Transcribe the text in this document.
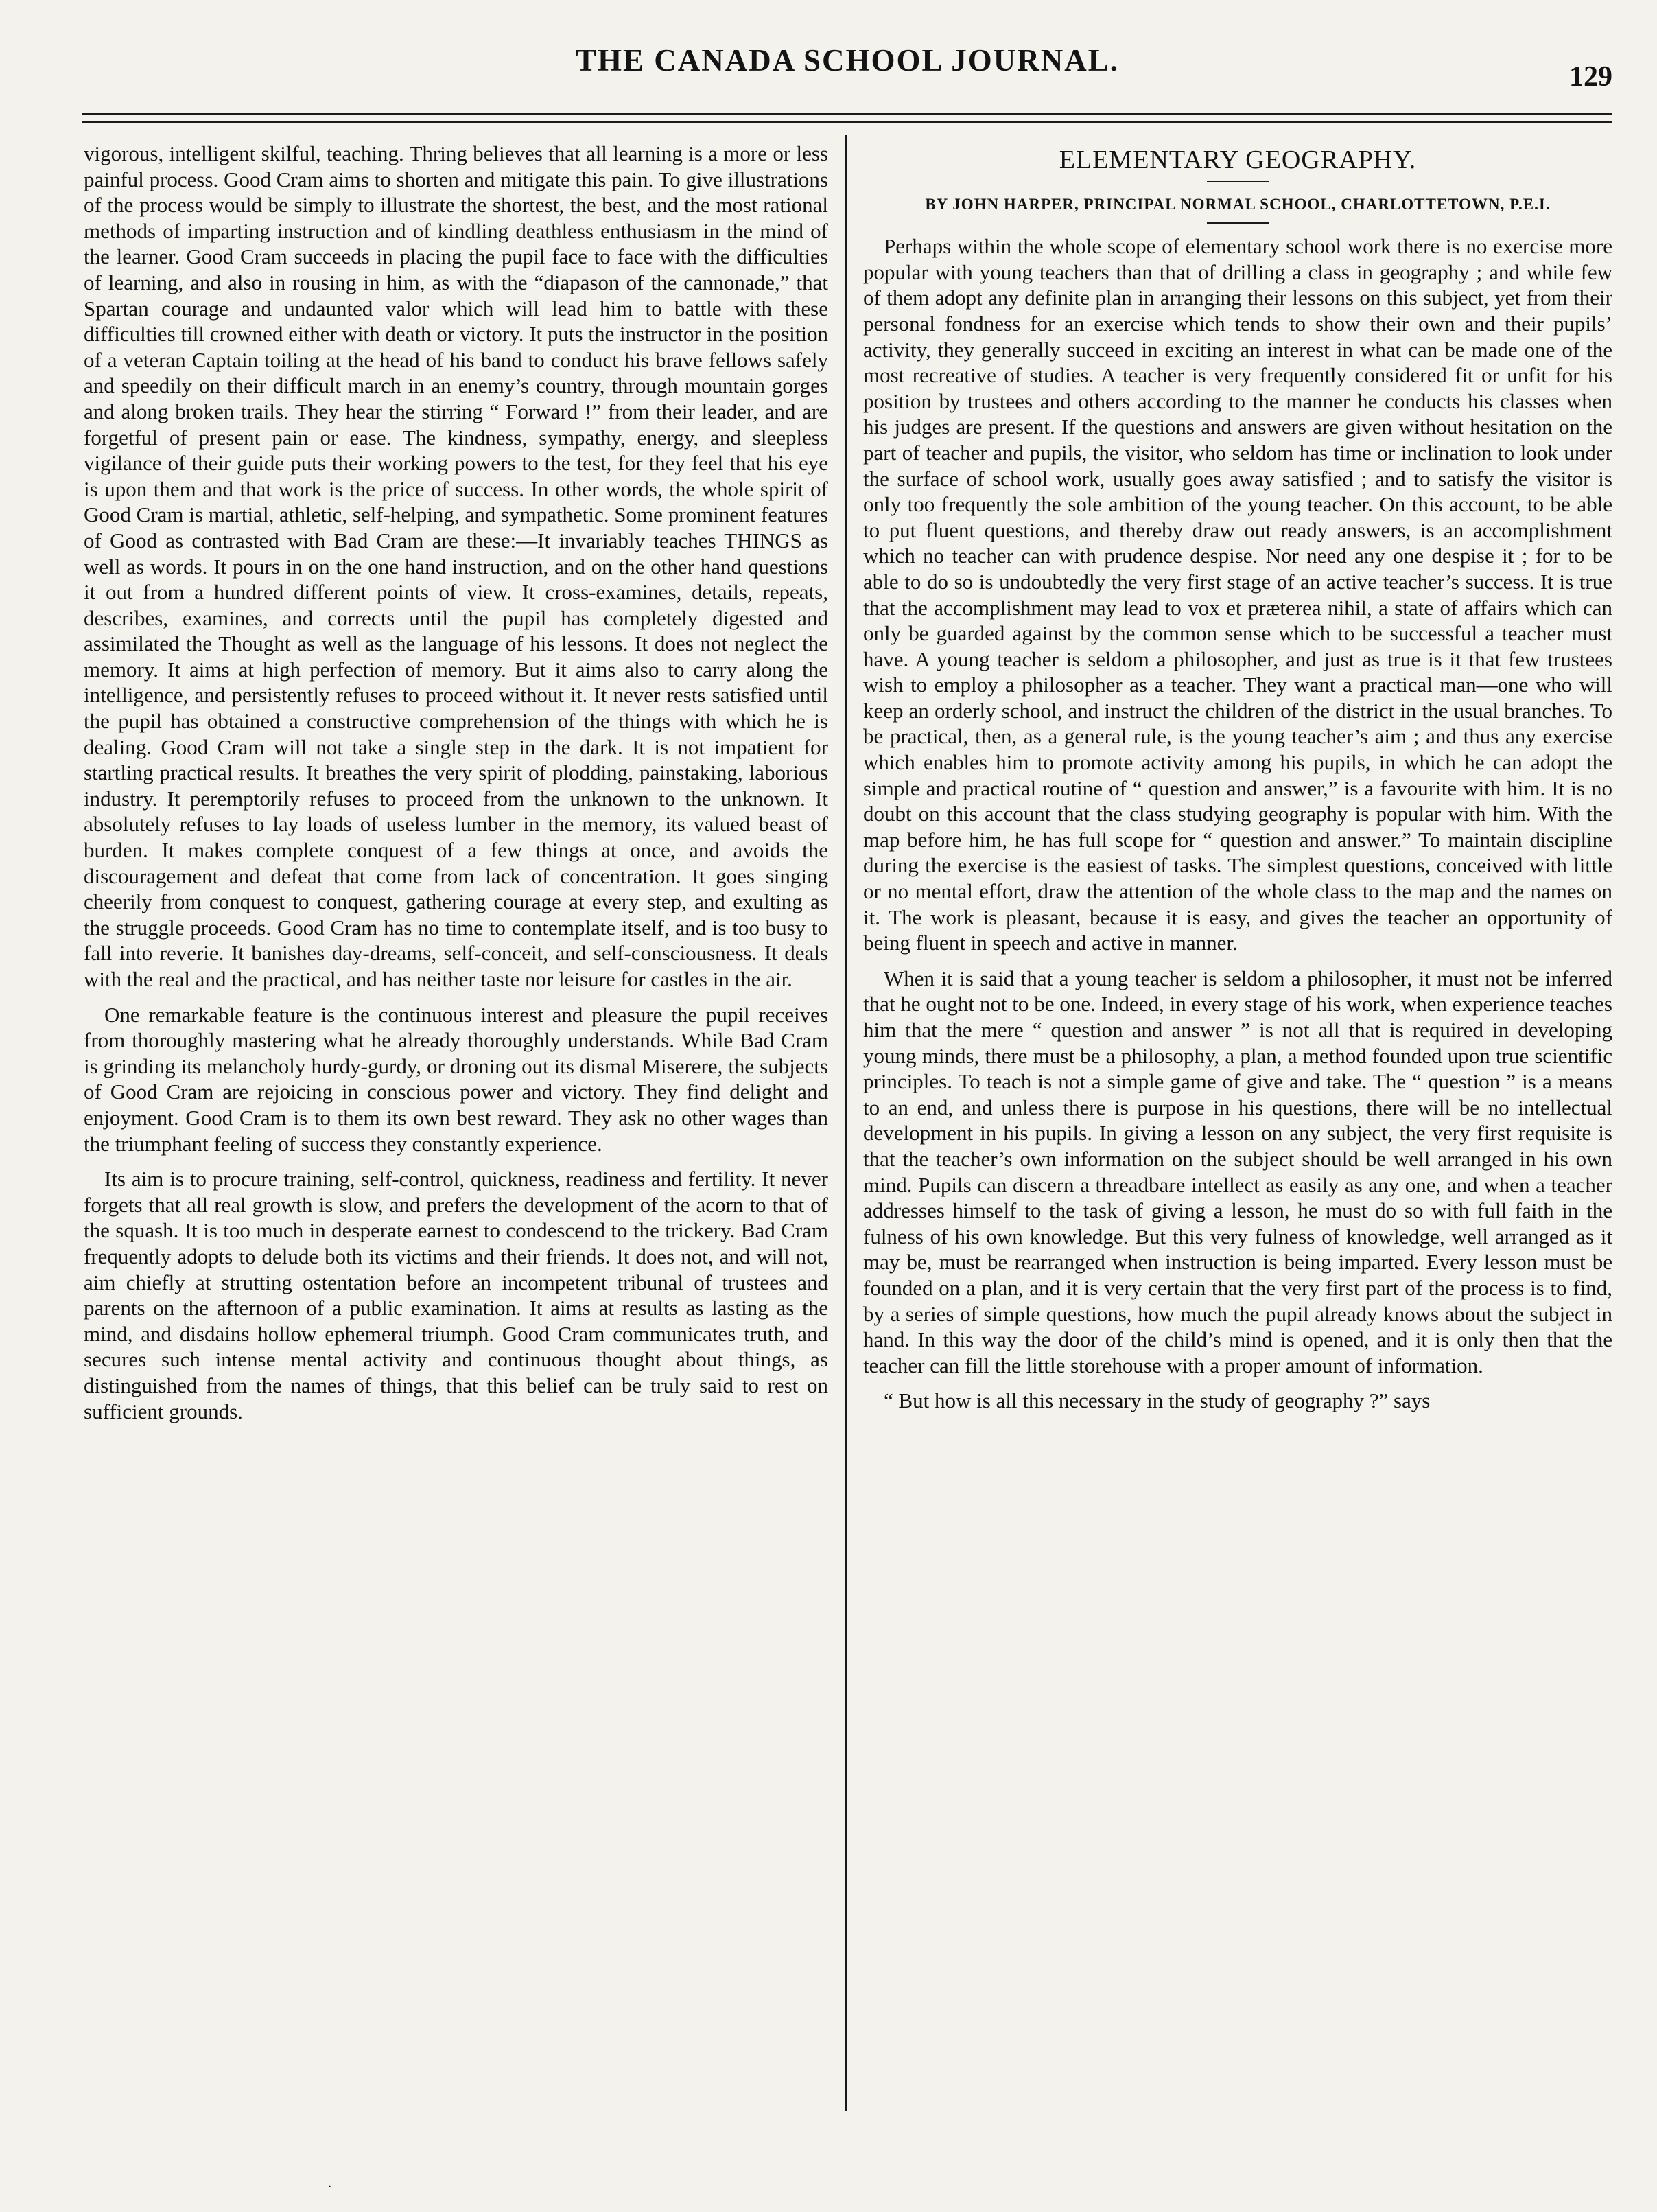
THE CANADA SCHOOL JOURNAL.	129

vigorous, intelligent skilful, teaching. Thring believes that all learning is a more or less painful process. Good Cram aims to shorten and mitigate this pain. To give illustrations of the process would be simply to illustrate the shortest, the best, and the most rational methods of imparting instruction and of kindling deathless enthusiasm in the mind of the learner. Good Cram succeeds in placing the pupil face to face with the difficulties of learning, and also in rousing in him, as with the “diapason of the cannonade,” that Spartan courage and undaunted valor which will lead him to battle with these difficulties till crowned either with death or victory. It puts the instructor in the position of a veteran Captain toiling at the head of his band to conduct his brave fellows safely and speedily on their difficult march in an enemy’s country, through mountain gorges and along broken trails. They hear the stirring “ Forward !” from their leader, and are forgetful of present pain or ease. The kindness, sympathy, energy, and sleepless vigilance of their guide puts their working powers to the test, for they feel that his eye is upon them and that work is the price of success. In other words, the whole spirit of Good Cram is martial, athletic, self-helping, and sympathetic. Some prominent features of Good as contrasted with Bad Cram are these:—It invariably teaches THINGS as well as words. It pours in on the one hand instruction, and on the other hand questions it out from a hundred different points of view. It cross-examines, details, repeats, describes, examines, and corrects until the pupil has completely digested and assimilated the Thought as well as the language of his lessons. It does not neglect the memory. It aims at high perfection of memory. But it aims also to carry along the intelligence, and persistently refuses to proceed without it. It never rests satisfied until the pupil has obtained a constructive comprehension of the things with which he is dealing. Good Cram will not take a single step in the dark. It is not impatient for startling practical results. It breathes the very spirit of plodding, painstaking, laborious industry. It peremptorily refuses to proceed from the unknown to the unknown. It absolutely refuses to lay loads of useless lumber in the memory, its valued beast of burden. It makes complete conquest of a few things at once, and avoids the discouragement and defeat that come from lack of concentration. It goes singing cheerily from conquest to conquest, gathering courage at every step, and exulting as the struggle proceeds. Good Cram has no time to contemplate itself, and is too busy to fall into reverie. It banishes day-dreams, self-conceit, and self-consciousness. It deals with the real and the practical, and has neither taste nor leisure for castles in the air.

One remarkable feature is the continuous interest and pleasure the pupil receives from thoroughly mastering what he already thoroughly understands. While Bad Cram is grinding its melancholy hurdy-gurdy, or droning out its dismal Miserere, the subjects of Good Cram are rejoicing in conscious power and victory. They find delight and enjoyment. Good Cram is to them its own best reward. They ask no other wages than the triumphant feeling of success they constantly experience.

Its aim is to procure training, self-control, quickness, readiness and fertility. It never forgets that all real growth is slow, and prefers the development of the acorn to that of the squash. It is too much in desperate earnest to condescend to the trickery. Bad Cram frequently adopts to delude both its victims and their friends. It does not, and will not, aim chiefly at strutting ostentation before an incompetent tribunal of trustees and parents on the afternoon of a public examination. It aims at results as lasting as the mind, and disdains hollow ephemeral triumph. Good Cram communicates truth, and secures such intense mental activity and continuous thought about things, as distinguished from the names of things, that this belief can be truly said to rest on sufficient grounds.

ELEMENTARY GEOGRAPHY.

BY JOHN HARPER, PRINCIPAL NORMAL SCHOOL, CHARLOTTETOWN, P.E.I.

Perhaps within the whole scope of elementary school work there is no exercise more popular with young teachers than that of drilling a class in geography ; and while few of them adopt any definite plan in arranging their lessons on this subject, yet from their personal fondness for an exercise which tends to show their own and their pupils’ activity, they generally succeed in exciting an interest in what can be made one of the most recreative of studies. A teacher is very frequently considered fit or unfit for his position by trustees and others according to the manner he conducts his classes when his judges are present. If the questions and answers are given without hesitation on the part of teacher and pupils, the visitor, who seldom has time or inclination to look under the surface of school work, usually goes away satisfied ; and to satisfy the visitor is only too frequently the sole ambition of the young teacher. On this account, to be able to put fluent questions, and thereby draw out ready answers, is an accomplishment which no teacher can with prudence despise. Nor need any one despise it ; for to be able to do so is undoubtedly the very first stage of an active teacher’s success. It is true that the accomplishment may lead to vox et præterea nihil, a state of affairs which can only be guarded against by the common sense which to be successful a teacher must have. A young teacher is seldom a philosopher, and just as true is it that few trustees wish to employ a philosopher as a teacher. They want a practical man—one who will keep an orderly school, and instruct the children of the district in the usual branches. To be practical, then, as a general rule, is the young teacher’s aim ; and thus any exercise which enables him to promote activity among his pupils, in which he can adopt the simple and practical routine of “ question and answer,” is a favourite with him. It is no doubt on this account that the class studying geography is popular with him. With the map before him, he has full scope for “ question and answer.” To maintain discipline during the exercise is the easiest of tasks. The simplest questions, conceived with little or no mental effort, draw the attention of the whole class to the map and the names on it. The work is pleasant, because it is easy, and gives the teacher an opportunity of being fluent in speech and active in manner.

When it is said that a young teacher is seldom a philosopher, it must not be inferred that he ought not to be one. Indeed, in every stage of his work, when experience teaches him that the mere “ question and answer ” is not all that is required in developing young minds, there must be a philosophy, a plan, a method founded upon true scientific principles. To teach is not a simple game of give and take. The “ question ” is a means to an end, and unless there is purpose in his questions, there will be no intellectual development in his pupils. In giving a lesson on any subject, the very first requisite is that the teacher’s own information on the subject should be well arranged in his own mind. Pupils can discern a threadbare intellect as easily as any one, and when a teacher addresses himself to the task of giving a lesson, he must do so with full faith in the fulness of his own knowledge. But this very fulness of knowledge, well arranged as it may be, must be rearranged when instruction is being imparted. Every lesson must be founded on a plan, and it is very certain that the very first part of the process is to find, by a series of simple questions, how much the pupil already knows about the subject in hand. In this way the door of the child’s mind is opened, and it is only then that the teacher can fill the little storehouse with a proper amount of information.

“ But how is all this necessary in the study of geography ?” says

.
